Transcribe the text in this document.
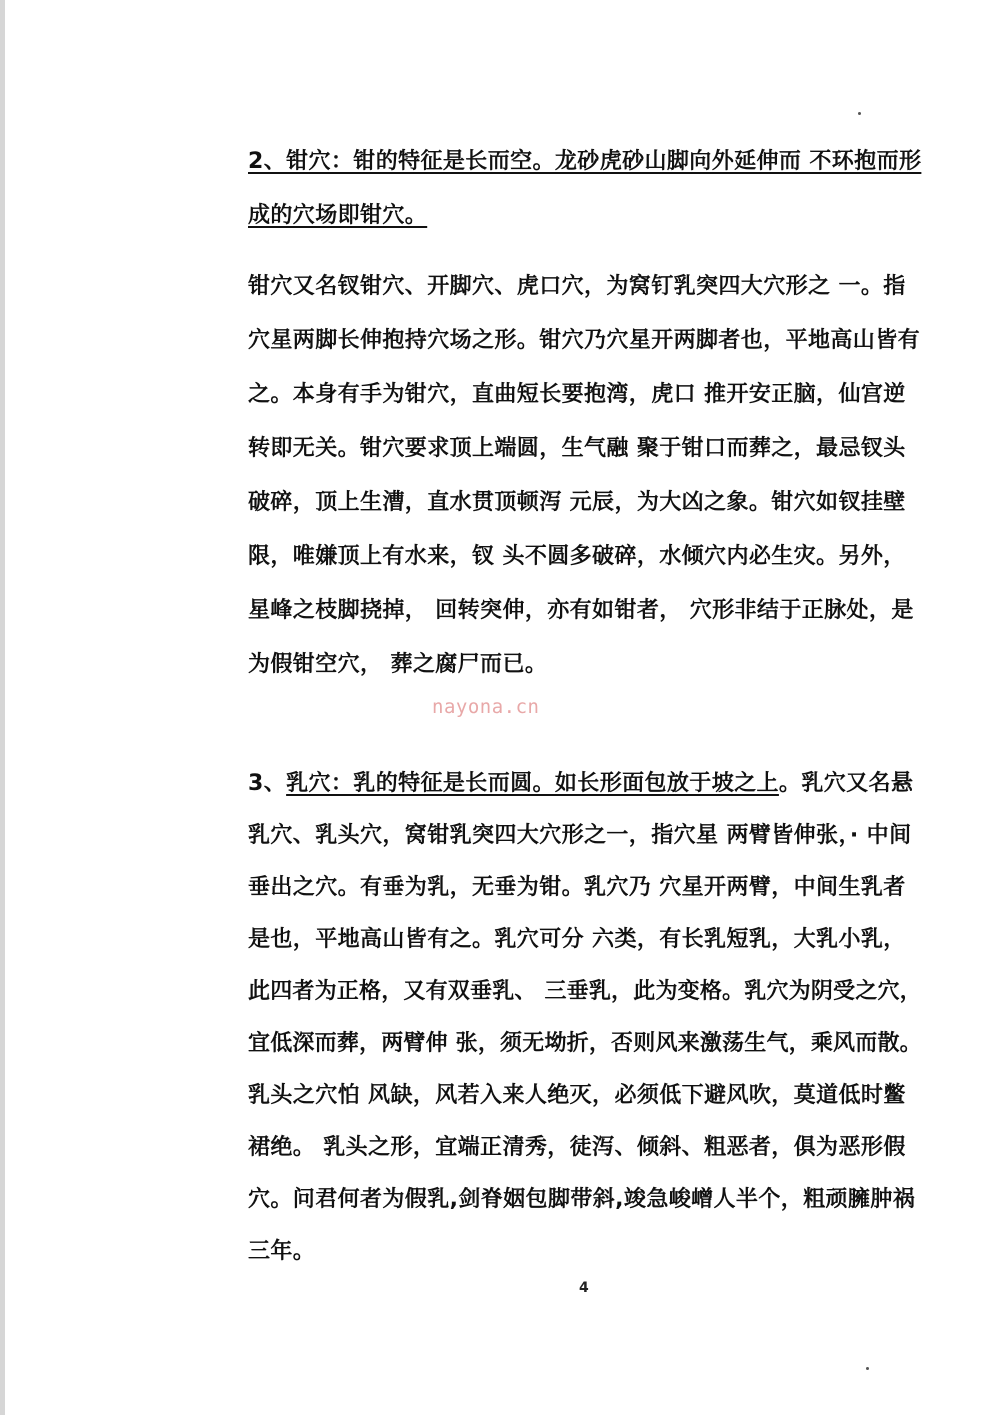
2、钳穴：钳的特征是长而空。龙砂虎砂山脚向外延伸而 不环抱而形
成的穴场即钳穴。
钳穴又名钗钳穴、开脚穴、虎口穴，为窝钉乳突四大穴形之 一。指
穴星两脚长伸抱持穴场之形。钳穴乃穴星开两脚者也，平地高山皆有
之。本身有手为钳穴，直曲短长要抱湾，虎口 推开安正脑，仙宫逆
转即无关。钳穴要求顶上端圆，生气融 聚于钳口而葬之，最忌钗头
破碎，顶上生漕，直水贯顶顿泻 元辰，为大凶之象。钳穴如钗挂壁
限，唯嫌顶上有水来，钗 头不圆多破碎，水倾穴内必生灾。另外，
星峰之枝脚挠掉， 回转突伸，亦有如钳者， 穴形非结于正脉处，是
为假钳空穴， 葬之腐尸而已。
nayona.cn
3、乳穴：乳的特征是长而圆。如长形面包放于坡之上。乳穴又名悬
乳穴、乳头穴，窝钳乳突四大穴形之一，指穴星 两臂皆伸张，· 中间
垂出之穴。有垂为乳，无垂为钳。乳穴乃 穴星开两臂，中间生乳者
是也，平地高山皆有之。乳穴可分 六类，有长乳短乳，大乳小乳，
此四者为正格，又有双垂乳、 三垂乳，此为变格。乳穴为阴受之穴，
宜低深而葬，两臂伸 张，须无坳折，否则风来激荡生气，乘风而散。
乳头之穴怕 风缺，风若入来人绝灭，必须低下避风吹，莫道低时鳖
裙绝。 乳头之形，宜端正清秀，徒泻、倾斜、粗恶者，俱为恶形假
穴。问君何者为假乳,剑脊姻包脚带斜,竣急峻嶒人半个，粗顽臃肿祸
三年。
4
